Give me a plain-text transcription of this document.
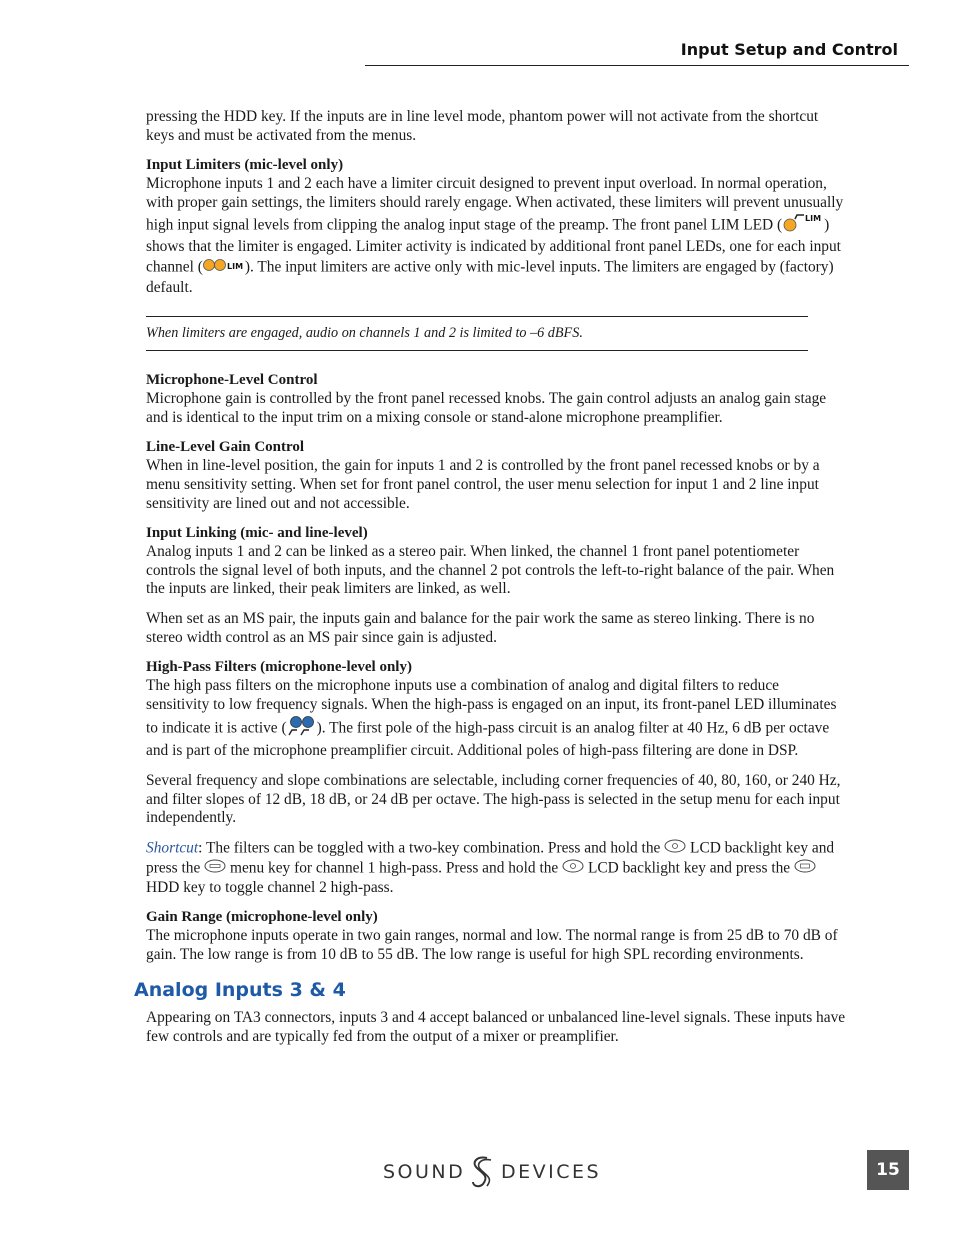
Input Setup and Control

pressing the HDD key. If the inputs are in line level mode, phantom power will not activate from the shortcut keys and must be activated from the menus.

Input Limiters (mic-level only)

Microphone inputs 1 and 2 each have a limiter circuit designed to prevent input overload. In normal operation, with proper gain settings, the limiters should rarely engage. When activated, these limiters will prevent unusually high input signal levels from clipping the analog input stage of the preamp. The front panel LIM LED (	LIM ) shows that the limiter is engaged. Limiter activity is indicated by additional front panel LEDs, one for each input channel (	LIM ). The input limiters are active only with mic-level inputs. The limiters are engaged by (factory) default.

When limiters are engaged, audio on channels 1 and 2 is limited to –6 dBFS.
Microphone-Level Control

Microphone gain is controlled by the front panel recessed knobs. The gain control adjusts an analog gain stage and is identical to the input trim on a mixing console or stand-alone microphone preamplifier.

Line-Level Gain Control

When in line-level position, the gain for inputs 1 and 2 is controlled by the front panel recessed knobs or by a menu sensitivity setting. When set for front panel control, the user menu selection for input 1 and 2 line input sensitivity are lined out and not accessible.

Input Linking (mic- and line-level)

Analog inputs 1 and 2 can be linked as a stereo pair. When linked, the channel 1 front panel potentiometer controls the signal level of both inputs, and the channel 2 pot controls the left-to-right balance of the pair. When the inputs are linked, their peak limiters are linked, as well.

When set as an MS pair, the inputs gain and balance for the pair work the same as stereo linking. There is no stereo width control as an MS pair since gain is adjusted.

High-Pass Filters (microphone-level only)

The high pass filters on the microphone inputs use a combination of analog and digital filters to reduce sensitivity to low frequency signals. When the high-pass is engaged on an input, its front-panel LED illuminates to indicate it is active ( ). The first pole of the high-pass circuit is an analog filter at 40 Hz, 6 dB per octave and is part of the microphone preamplifier circuit. Additional poles of high-pass filtering are done in DSP.

Several frequency and slope combinations are selectable, including corner frequencies of 40, 80, 160, or 240 Hz, and filter slopes of 12 dB, 18 dB, or 24 dB per octave. The high-pass is selected in the setup menu for each input independently.

Shortcut: The filters can be toggled with a two-key combination. Press and hold the  LCD backlight key and press the  menu key for channel 1 high-pass. Press and hold the  LCD backlight key and press the  HDD key to toggle channel 2 high-pass.

Gain Range (microphone-level only)

The microphone inputs operate in two gain ranges, normal and low. The normal range is from 25 dB to 70 dB of gain. The low range is from 10 dB to 55 dB. The low range is useful for high SPL recording environments.

Analog Inputs 3 & 4

Appearing on TA3 connectors, inputs 3 and 4 accept balanced or unbalanced line-level signals. These inputs have few controls and are typically fed from the output of a mixer or preamplifier.

SOUND DEVICES	15
